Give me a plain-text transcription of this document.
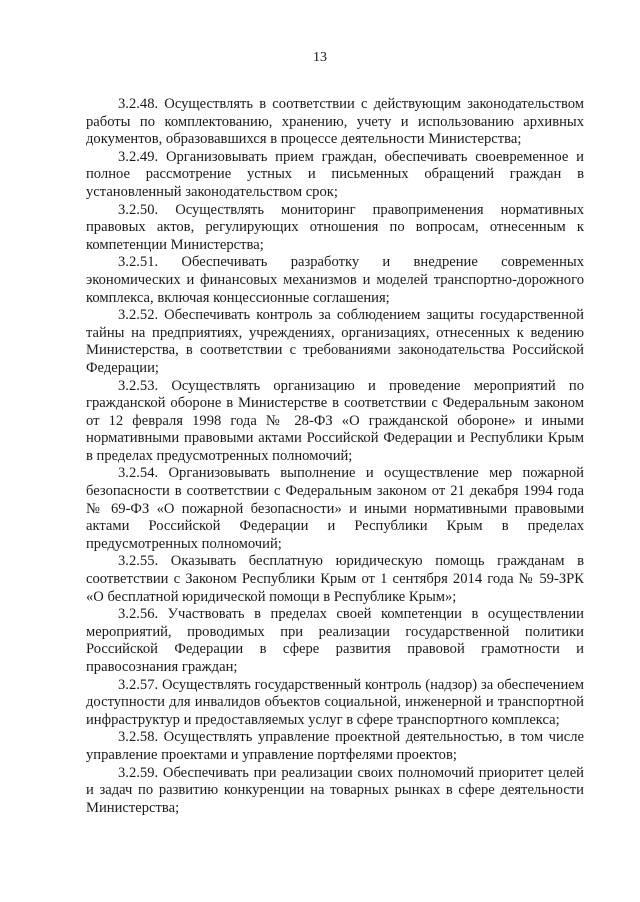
13

3.2.48. Осуществлять в соответствии с действующим законодательством работы по комплектованию, хранению, учету и использованию архивных документов, образовавшихся в процессе деятельности Министерства;

3.2.49. Организовывать прием граждан, обеспечивать своевременное и полное рассмотрение устных и письменных обращений граждан в установленный законодательством срок;

3.2.50. Осуществлять мониторинг правоприменения нормативных правовых актов, регулирующих отношения по вопросам, отнесенным к компетенции Министерства;

3.2.51. Обеспечивать разработку и внедрение современных экономических и финансовых механизмов и моделей транспортно-дорожного комплекса, включая концессионные соглашения;

3.2.52. Обеспечивать контроль за соблюдением защиты государственной тайны на предприятиях, учреждениях, организациях, отнесенных к ведению Министерства, в соответствии с требованиями законодательства Российской Федерации;

3.2.53. Осуществлять организацию и проведение мероприятий по гражданской обороне в Министерстве в соответствии с Федеральным законом от 12 февраля 1998 года № 28-ФЗ «О гражданской обороне» и иными нормативными правовыми актами Российской Федерации и Республики Крым в пределах предусмотренных полномочий;

3.2.54. Организовывать выполнение и осуществление мер пожарной безопасности в соответствии с Федеральным законом от 21 декабря 1994 года № 69-ФЗ «О пожарной безопасности» и иными нормативными правовыми актами Российской Федерации и Республики Крым в пределах предусмотренных полномочий;

3.2.55. Оказывать бесплатную юридическую помощь гражданам в соответствии с Законом Республики Крым от 1 сентября 2014 года № 59-ЗРК «О бесплатной юридической помощи в Республике Крым»;

3.2.56. Участвовать в пределах своей компетенции в осуществлении мероприятий, проводимых при реализации государственной политики Российской Федерации в сфере развития правовой грамотности и правосознания граждан;

3.2.57. Осуществлять государственный контроль (надзор) за обеспечением доступности для инвалидов объектов социальной, инженерной и транспортной инфраструктур и предоставляемых услуг в сфере транспортного комплекса;

3.2.58. Осуществлять управление проектной деятельностью, в том числе управление проектами и управление портфелями проектов;

3.2.59. Обеспечивать при реализации своих полномочий приоритет целей и задач по развитию конкуренции на товарных рынках в сфере деятельности Министерства;
